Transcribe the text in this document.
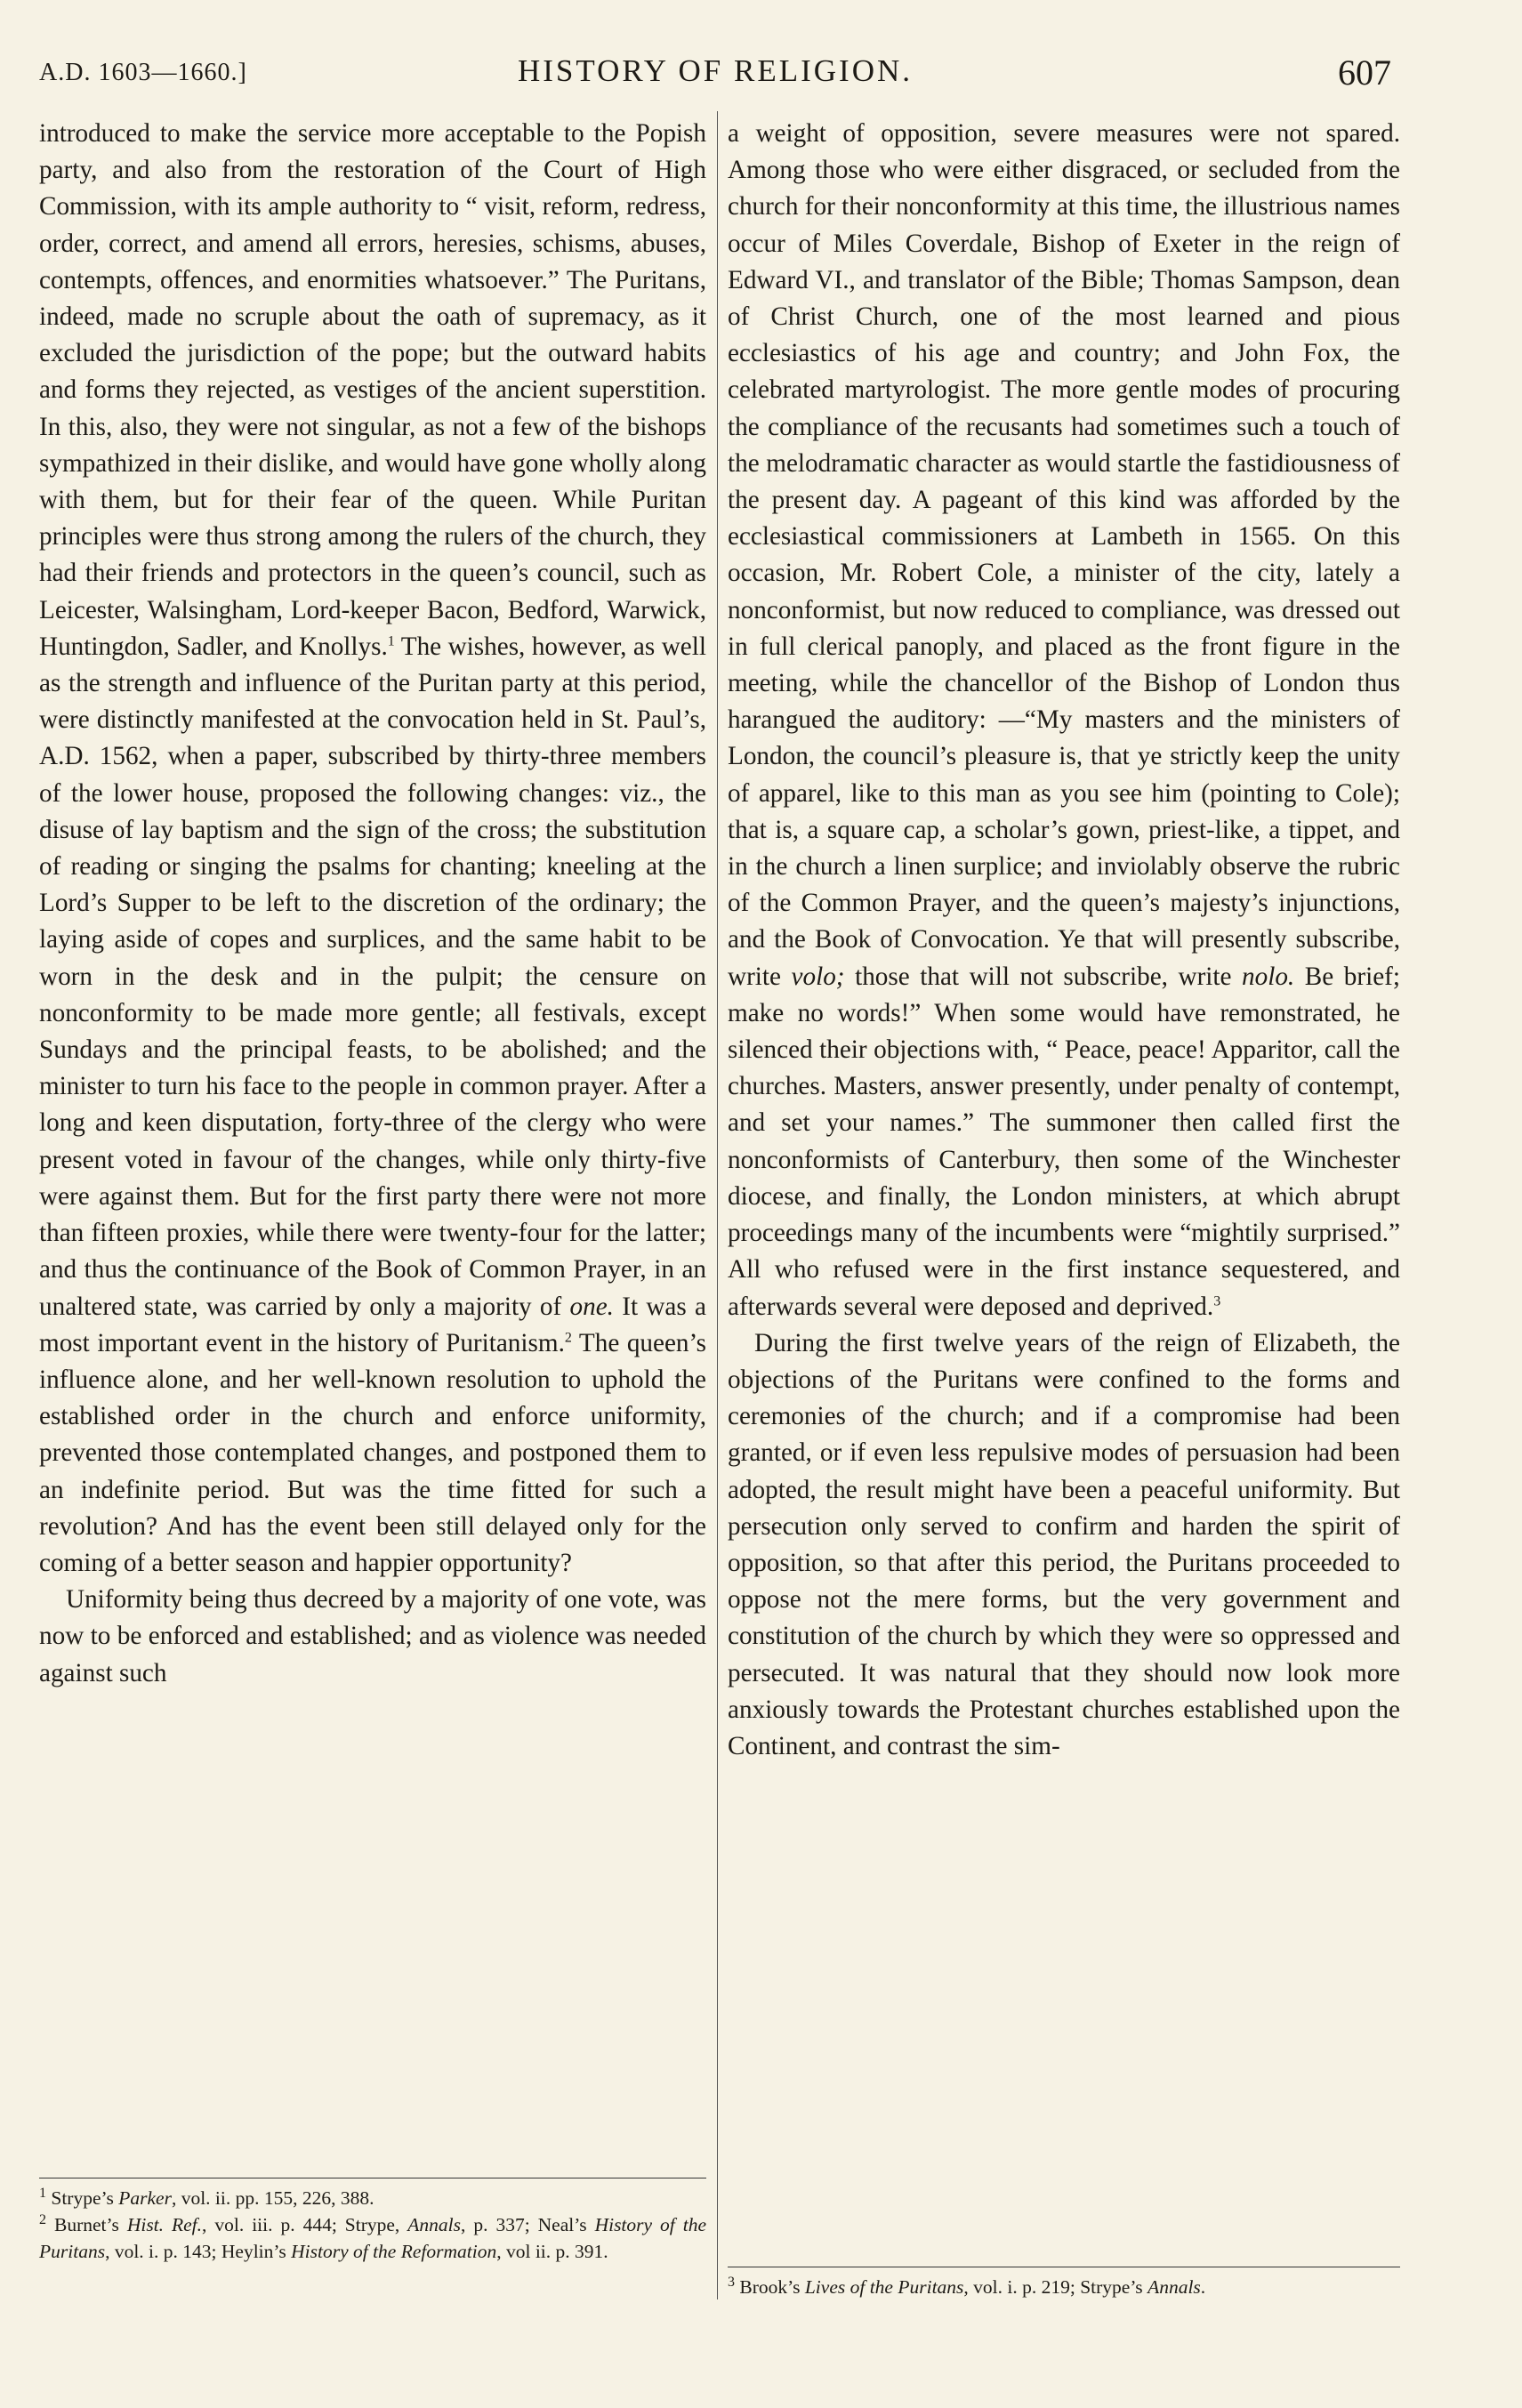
A.D. 1603—1660.]	HISTORY OF RELIGION.	607

introduced to make the service more acceptable to the Popish party, and also from the restoration of the Court of High Commission, with its ample authority to “ visit, reform, redress, order, correct, and amend all errors, heresies, schisms, abuses, contempts, offences, and enormities whatsoever.” The Puritans, indeed, made no scruple about the oath of supremacy, as it excluded the jurisdiction of the pope; but the outward habits and forms they rejected, as vestiges of the ancient superstition. In this, also, they were not singular, as not a few of the bishops sympathized in their dislike, and would have gone wholly along with them, but for their fear of the queen. While Puritan principles were thus strong among the rulers of the church, they had their friends and protectors in the queen’s council, such as Leicester, Walsingham, Lord-keeper Bacon, Bedford, Warwick, Huntingdon, Sadler, and Knollys.$^1$ The wishes, however, as well as the strength and influence of the Puritan party at this period, were distinctly manifested at the convocation held in St. Paul’s, A.D. 1562, when a paper, subscribed by thirty-three members of the lower house, proposed the following changes: viz., the disuse of lay baptism and the sign of the cross; the substitution of reading or singing the psalms for chanting; kneeling at the Lord’s Supper to be left to the discretion of the ordinary; the laying aside of copes and surplices, and the same habit to be worn in the desk and in the pulpit; the censure on nonconformity to be made more gentle; all festivals, except Sundays and the principal feasts, to be abolished; and the minister to turn his face to the people in common prayer. After a long and keen disputation, forty-three of the clergy who were present voted in favour of the changes, while only thirty-five were against them. But for the first party there were not more than fifteen proxies, while there were twenty-four for the latter; and thus the continuance of the Book of Common Prayer, in an unaltered state, was carried by only a majority of one. It was a most important event in the history of Puritanism.$^2$ The queen’s influence alone, and her well-known resolution to uphold the established order in the church and enforce uniformity, prevented those contemplated changes, and postponed them to an indefinite period. But was the time fitted for such a revolution? And has the event been still delayed only for the coming of a better season and happier opportunity?

Uniformity being thus decreed by a majority of one vote, was now to be enforced and established; and as violence was needed against such

$^1$ Strype’s Parker, vol. ii. pp. 155, 226, 388.

$^2$ Burnet’s Hist. Ref., vol. iii. p. 444; Strype, Annals, p. 337; Neal’s History of the Puritans, vol. i. p. 143; Heylin’s History of the Reformation, vol ii. p. 391.

a weight of opposition, severe measures were not spared. Among those who were either disgraced, or secluded from the church for their nonconformity at this time, the illustrious names occur of Miles Coverdale, Bishop of Exeter in the reign of Edward VI., and translator of the Bible; Thomas Sampson, dean of Christ Church, one of the most learned and pious ecclesiastics of his age and country; and John Fox, the celebrated martyrologist. The more gentle modes of procuring the compliance of the recusants had sometimes such a touch of the melodramatic character as would startle the fastidiousness of the present day. A pageant of this kind was afforded by the ecclesiastical commissioners at Lambeth in 1565. On this occasion, Mr. Robert Cole, a minister of the city, lately a nonconformist, but now reduced to compliance, was dressed out in full clerical panoply, and placed as the front figure in the meeting, while the chancellor of the Bishop of London thus harangued the auditory: —“My masters and the ministers of London, the council’s pleasure is, that ye strictly keep the unity of apparel, like to this man as you see him (pointing to Cole); that is, a square cap, a scholar’s gown, priest-like, a tippet, and in the church a linen surplice; and inviolably observe the rubric of the Common Prayer, and the queen’s majesty’s injunctions, and the Book of Convocation. Ye that will presently subscribe, write volo; those that will not subscribe, write nolo. Be brief; make no words!” When some would have remonstrated, he silenced their objections with, “ Peace, peace! Apparitor, call the churches. Masters, answer presently, under penalty of contempt, and set your names.” The summoner then called first the nonconformists of Canterbury, then some of the Winchester diocese, and finally, the London ministers, at which abrupt proceedings many of the incumbents were “mightily surprised.” All who refused were in the first instance sequestered, and afterwards several were deposed and deprived.$^3$

During the first twelve years of the reign of Elizabeth, the objections of the Puritans were confined to the forms and ceremonies of the church; and if a compromise had been granted, or if even less repulsive modes of persuasion had been adopted, the result might have been a peaceful uniformity. But persecution only served to confirm and harden the spirit of opposition, so that after this period, the Puritans proceeded to oppose not the mere forms, but the very government and constitution of the church by which they were so oppressed and persecuted. It was natural that they should now look more anxiously towards the Protestant churches established upon the Continent, and contrast the sim-

$^3$ Brook’s Lives of the Puritans, vol. i. p. 219; Strype’s Annals.
